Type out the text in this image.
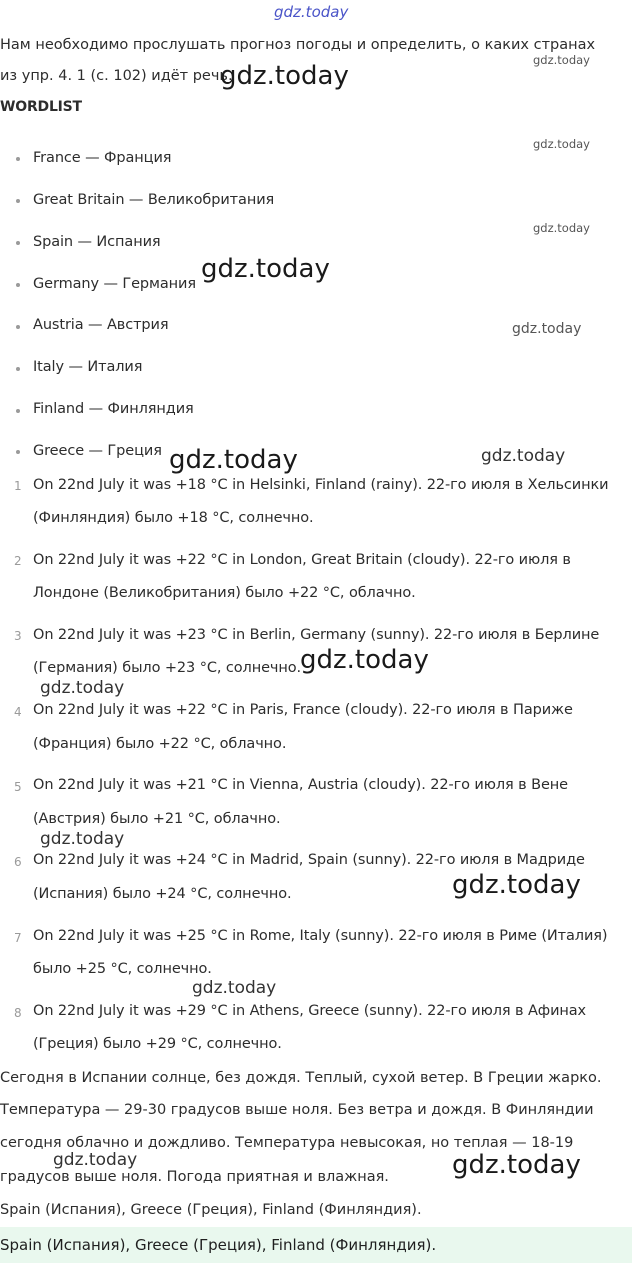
gdz.today
Нам необходимо прослушать прогноз погоды и определить, о каких странах
из упр. 4. 1 (с. 102) идёт речь.
WORDLIST
France — Франция
Great Britain — Великобритания
Spain — Испания
Germany — Германия
Austria — Австрия
Italy — Италия
Finland — Финляндия
Greece — Греция
1 On 22nd July it was +18 °C in Helsinki, Finland (rainy). 22-го июля в Хельсинки
(Финляндия) было +18 °C, солнечно.
2 On 22nd July it was +22 °C in London, Great Britain (cloudy). 22-го июля в
Лондоне (Великобритания) было +22 °C, облачно.
3 On 22nd July it was +23 °C in Berlin, Germany (sunny). 22-го июля в Берлине
(Германия) было +23 °C, солнечно.
4 On 22nd July it was +22 °C in Paris, France (cloudy). 22-го июля в Париже
(Франция) было +22 °C, облачно.
5 On 22nd July it was +21 °C in Vienna, Austria (cloudy). 22-го июля в Вене
(Австрия) было +21 °C, облачно.
6 On 22nd July it was +24 °C in Madrid, Spain (sunny). 22-го июля в Мадриде
(Испания) было +24 °C, солнечно.
7 On 22nd July it was +25 °C in Rome, Italy (sunny). 22-го июля в Риме (Италия)
было +25 °C, солнечно.
8 On 22nd July it was +29 °C in Athens, Greece (sunny). 22-го июля в Афинах
(Греция) было +29 °C, солнечно.
Сегодня в Испании солнце, без дождя. Теплый, сухой ветер. В Греции жарко.
Температура — 29-30 градусов выше ноля. Без ветра и дождя. В Финляндии
сегодня облачно и дождливо. Температура невысокая, но теплая — 18-19
градусов выше ноля. Погода приятная и влажная.
Spain (Испания), Greece (Греция), Finland (Финляндия).
Spain (Испания), Greece (Греция), Finland (Финляндия).
gdz.today
gdz.today
gdz.today
gdz.today
gdz.today
gdz.today
gdz.today	gdz.today
gdz.today
gdz.today
gdz.today
gdz.today
gdz.today
gdz.today	gdz.today
